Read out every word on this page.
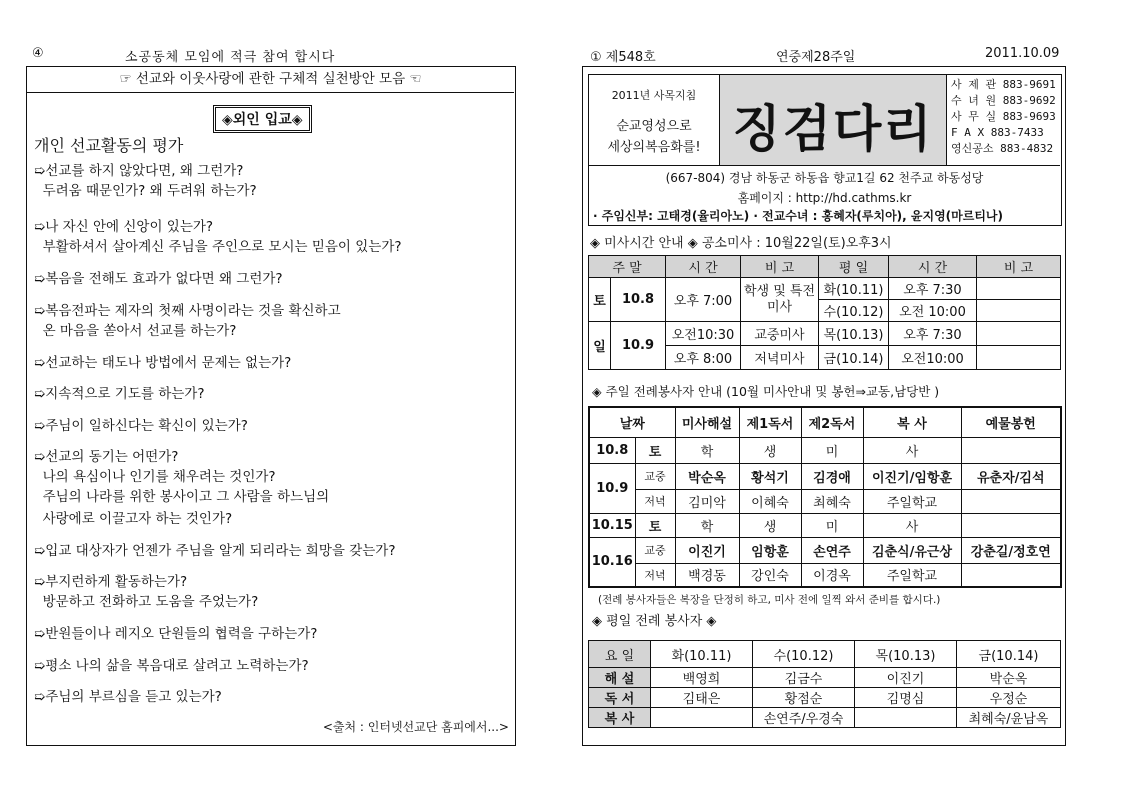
④	소공동체 모임에 적극 참여 합시다
☞ 선교와 이웃사랑에 관한 구체적 실천방안 모음 ☜
◈외인 입교◈
개인 선교활동의 평가
➯선교를 하지 않았다면, 왜 그런가?
두려움 때문인가? 왜 두려워 하는가?
➯나 자신 안에 신앙이 있는가?
부활하셔서 살아계신 주님을 주인으로 모시는 믿음이 있는가?
➯복음을 전해도 효과가 없다면 왜 그런가?
➯복음전파는 제자의 첫째 사명이라는 것을 확신하고
온 마음을 쏟아서 선교를 하는가?
➯선교하는 태도나 방법에서 문제는 없는가?
➯지속적으로 기도를 하는가?
➯주님이 일하신다는 확신이 있는가?
➯선교의 동기는 어떤가?
나의 욕심이나 인기를 채우려는 것인가?
주님의 나라를 위한 봉사이고 그 사람을 하느님의
사랑에로 이끌고자 하는 것인가?
➯입교 대상자가 언젠가 주님을 알게 되리라는 희망을 갖는가?
➯부지런하게 활동하는가?
방문하고 전화하고 도움을 주었는가?
➯반원들이나 레지오 단원들의 협력을 구하는가?
➯평소 나의 삶을 복음대로 살려고 노력하는가?
➯주님의 부르심을 듣고 있는가?
<출처 : 인터넷선교단 홈피에서...>
① 제548호	연중제28주일	2011.10.09
2011년 사목지침
순교영성으로
세상의복음화를! 징검다리
사 제 관 883-9691
수 녀 원 883-9692
사 무 실 883-9693
F A X 883-7433
영신공소 883-4832
(667-804) 경남 하동군 하동읍 향교1길 62 천주교 하동성당
홈페이지 : http://hd.cathms.kr
· 주임신부: 고태경(율리아노) · 전교수녀 : 홍혜자(루치아), 윤지영(마르티나)
◈ 미사시간 안내 ◈ 공소미사 : 10월22일(토)오후3시
주 말		시 간	비 고	평 일	시 간	비 고
토	10.8	오후 7:00	학생 및 특전미사	화(10.11)	오후 7:30	
				수(10.12)	오전 10:00	
일	10.9	오전10:30	교중미사	목(10.13)	오후 7:30	
		오후 8:00	저녁미사	금(10.14)	오전10:00	
◈ 주일 전례봉사자 안내 (10월 미사안내 및 봉헌⇒교동,남당반 )
날짜		미사해설	제1독서	제2독서	복 사	예물봉헌
10.8	토	학	생	미	사	
10.9	교중	박순옥	황석기	김경애	이진기/임항훈	유춘자/김석
	저녁	김미악	이혜숙	최혜숙	주일학교	
10.15	토	학	생	미	사	
10.16	교중	이진기	임항훈	손연주	김춘식/유근상	강춘길/정호연
	저녁	백경동	강인숙	이경옥	주일학교	
(전례 봉사자들은 복장을 단정히 하고, 미사 전에 일찍 와서 준비를 합시다.)
◈ 평일 전례 봉사자 ◈
요 일	화(10.11)	수(10.12)	목(10.13)	금(10.14)
해 설	백영희	김금수	이진기	박순옥
독 서	김태은	황점순	김명심	우정순
복 사		손연주/우경숙		최혜숙/윤남옥
